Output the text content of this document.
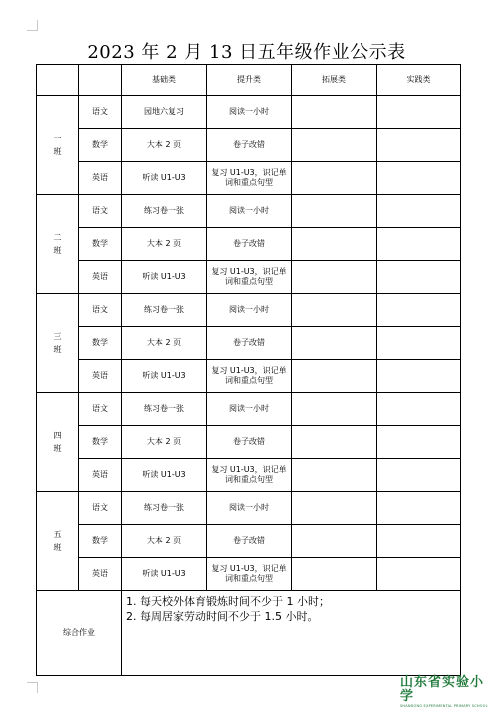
2023 年 2 月 13 日五年级作业公示表
		基础类	提升类	拓展类	实践类
一
班	语文	园地六复习	阅读一小时		
	数学	大本 2 页	卷子改错		
	英语	听读 U1-U3	复习 U1-U3，识记单词和重点句型		
二
班	语文	练习卷一张	阅读一小时		
	数学	大本 2 页	卷子改错		
	英语	听读 U1-U3	复习 U1-U3，识记单词和重点句型		
三
班	语文	练习卷一张	阅读一小时		
	数学	大本 2 页	卷子改错		
	英语	听读 U1-U3	复习 U1-U3，识记单词和重点句型		
四
班	语文	练习卷一张	阅读一小时		
	数学	大本 2 页	卷子改错		
	英语	听读 U1-U3	复习 U1-U3，识记单词和重点句型		
五
班	语文	练习卷一张	阅读一小时		
	数学	大本 2 页	卷子改错		
	英语	听读 U1-U3	复习 U1-U3，识记单词和重点句型		
综合作业		1. 每天校外体育锻炼时间不少于 1 小时；
2. 每周居家劳动时间不少于 1.5 小时。			
山东省实验小学
SHANDONG EXPERIMENTAL PRIMARY SCHOOL
